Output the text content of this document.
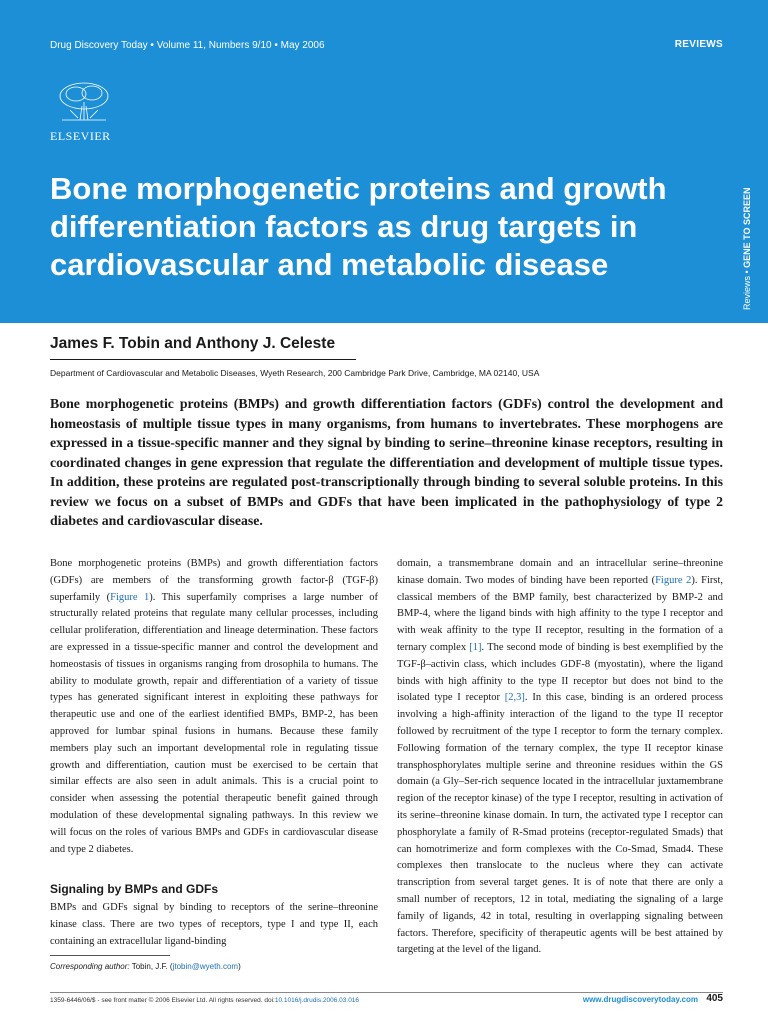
Drug Discovery Today • Volume 11, Numbers 9/10 • May 2006	REVIEWS
ELSEVIER
Bone morphogenetic proteins and growth differentiation factors as drug targets in cardiovascular and metabolic disease
Reviews • GENE TO SCREEN
James F. Tobin and Anthony J. Celeste
Department of Cardiovascular and Metabolic Diseases, Wyeth Research, 200 Cambridge Park Drive, Cambridge, MA 02140, USA

Bone morphogenetic proteins (BMPs) and growth differentiation factors (GDFs) control the development and homeostasis of multiple tissue types in many organisms, from humans to invertebrates. These morphogens are expressed in a tissue-specific manner and they signal by binding to serine–threonine kinase receptors, resulting in coordinated changes in gene expression that regulate the differentiation and development of multiple tissue types. In addition, these proteins are regulated post-transcriptionally through binding to several soluble proteins. In this review we focus on a subset of BMPs and GDFs that have been implicated in the pathophysiology of type 2 diabetes and cardiovascular disease.

Bone morphogenetic proteins (BMPs) and growth differentiation factors (GDFs) are members of the transforming growth factor-β (TGF-β) superfamily (Figure 1). This superfamily comprises a large number of structurally related proteins that regulate many cellular processes, including cellular proliferation, differentiation and lineage determination. These factors are expressed in a tissue-specific manner and control the development and homeostasis of tissues in organisms ranging from drosophila to humans. The ability to modulate growth, repair and differentiation of a variety of tissue types has generated significant interest in exploiting these pathways for therapeutic use and one of the earliest identified BMPs, BMP-2, has been approved for lumbar spinal fusions in humans. Because these family members play such an important developmental role in regulating tissue growth and differentiation, caution must be exercised to be certain that similar effects are also seen in adult animals. This is a crucial point to consider when assessing the potential therapeutic benefit gained through modulation of these developmental signaling pathways. In this review we will focus on the roles of various BMPs and GDFs in cardiovascular disease and type 2 diabetes.

Signaling by BMPs and GDFs

BMPs and GDFs signal by binding to receptors of the serine–threonine kinase class. There are two types of receptors, type I and type II, each containing an extracellular ligand-binding

domain, a transmembrane domain and an intracellular serine–threonine kinase domain. Two modes of binding have been reported (Figure 2). First, classical members of the BMP family, best characterized by BMP-2 and BMP-4, where the ligand binds with high affinity to the type I receptor and with weak affinity to the type II receptor, resulting in the formation of a ternary complex [1]. The second mode of binding is best exemplified by the TGF-β–activin class, which includes GDF-8 (myostatin), where the ligand binds with high affinity to the type II receptor but does not bind to the isolated type I receptor [2,3]. In this case, binding is an ordered process involving a high-affinity interaction of the ligand to the type II receptor followed by recruitment of the type I receptor to form the ternary complex. Following formation of the ternary complex, the type II receptor kinase transphosphorylates multiple serine and threonine residues within the GS domain (a Gly–Ser-rich sequence located in the intracellular juxtamembrane region of the receptor kinase) of the type I receptor, resulting in activation of its serine–threonine kinase domain. In turn, the activated type I receptor can phosphorylate a family of R-Smad proteins (receptor-regulated Smads) that can homotrimerize and form complexes with the Co-Smad, Smad4. These complexes then translocate to the nucleus where they can activate transcription from several target genes. It is of note that there are only a small number of receptors, 12 in total, mediating the signaling of a large family of ligands, 42 in total, resulting in overlapping signaling between factors. Therefore, specificity of therapeutic agents will be best attained by targeting at the level of the ligand.

Corresponding author: Tobin, J.F. (jtobin@wyeth.com)
1359-6446/06/$ - see front matter © 2006 Elsevier Ltd. All rights reserved. doi:10.1016/j.drudis.2006.03.016	www.drugdiscoverytoday.com 405
